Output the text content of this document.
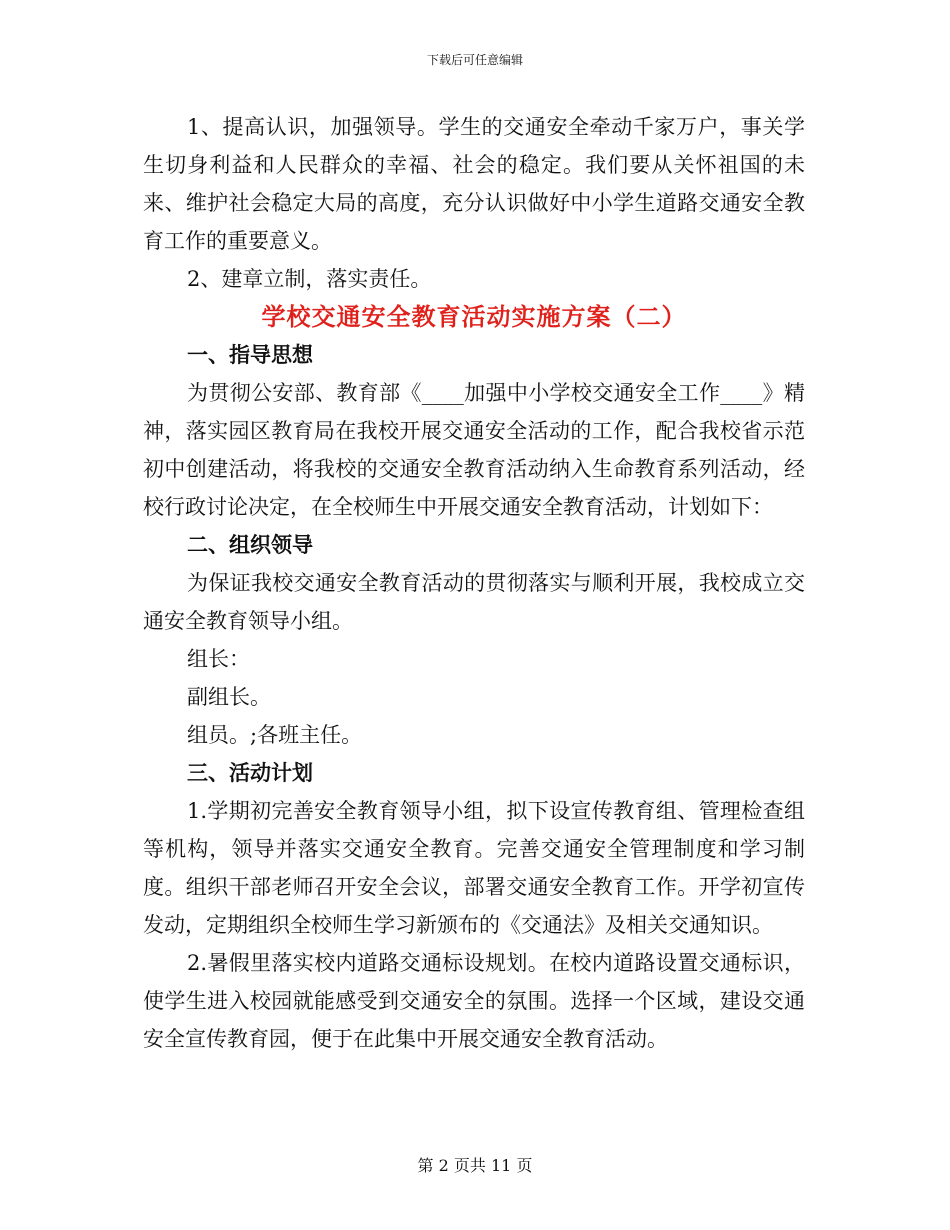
下载后可任意编辑

1、提高认识，加强领导。学生的交通安全牵动千家万户，事关学生切身利益和人民群众的幸福、社会的稳定。我们要从关怀祖国的未来、维护社会稳定大局的高度，充分认识做好中小学生道路交通安全教育工作的重要意义。

2、建章立制，落实责任。

学校交通安全教育活动实施方案（二）

一、指导思想

为贯彻公安部、教育部《____加强中小学校交通安全工作____》精神，落实园区教育局在我校开展交通安全活动的工作，配合我校省示范初中创建活动，将我校的交通安全教育活动纳入生命教育系列活动，经校行政讨论决定，在全校师生中开展交通安全教育活动，计划如下：

二、组织领导

为保证我校交通安全教育活动的贯彻落实与顺利开展，我校成立交通安全教育领导小组。

组长：

副组长。

组员。;各班主任。

三、活动计划

1.学期初完善安全教育领导小组，拟下设宣传教育组、管理检查组等机构，领导并落实交通安全教育。完善交通安全管理制度和学习制度。组织干部老师召开安全会议，部署交通安全教育工作。开学初宣传发动，定期组织全校师生学习新颁布的《交通法》及相关交通知识。

2.暑假里落实校内道路交通标设规划。在校内道路设置交通标识，使学生进入校园就能感受到交通安全的氛围。选择一个区域，建设交通安全宣传教育园，便于在此集中开展交通安全教育活动。

第 2 页共 11 页
